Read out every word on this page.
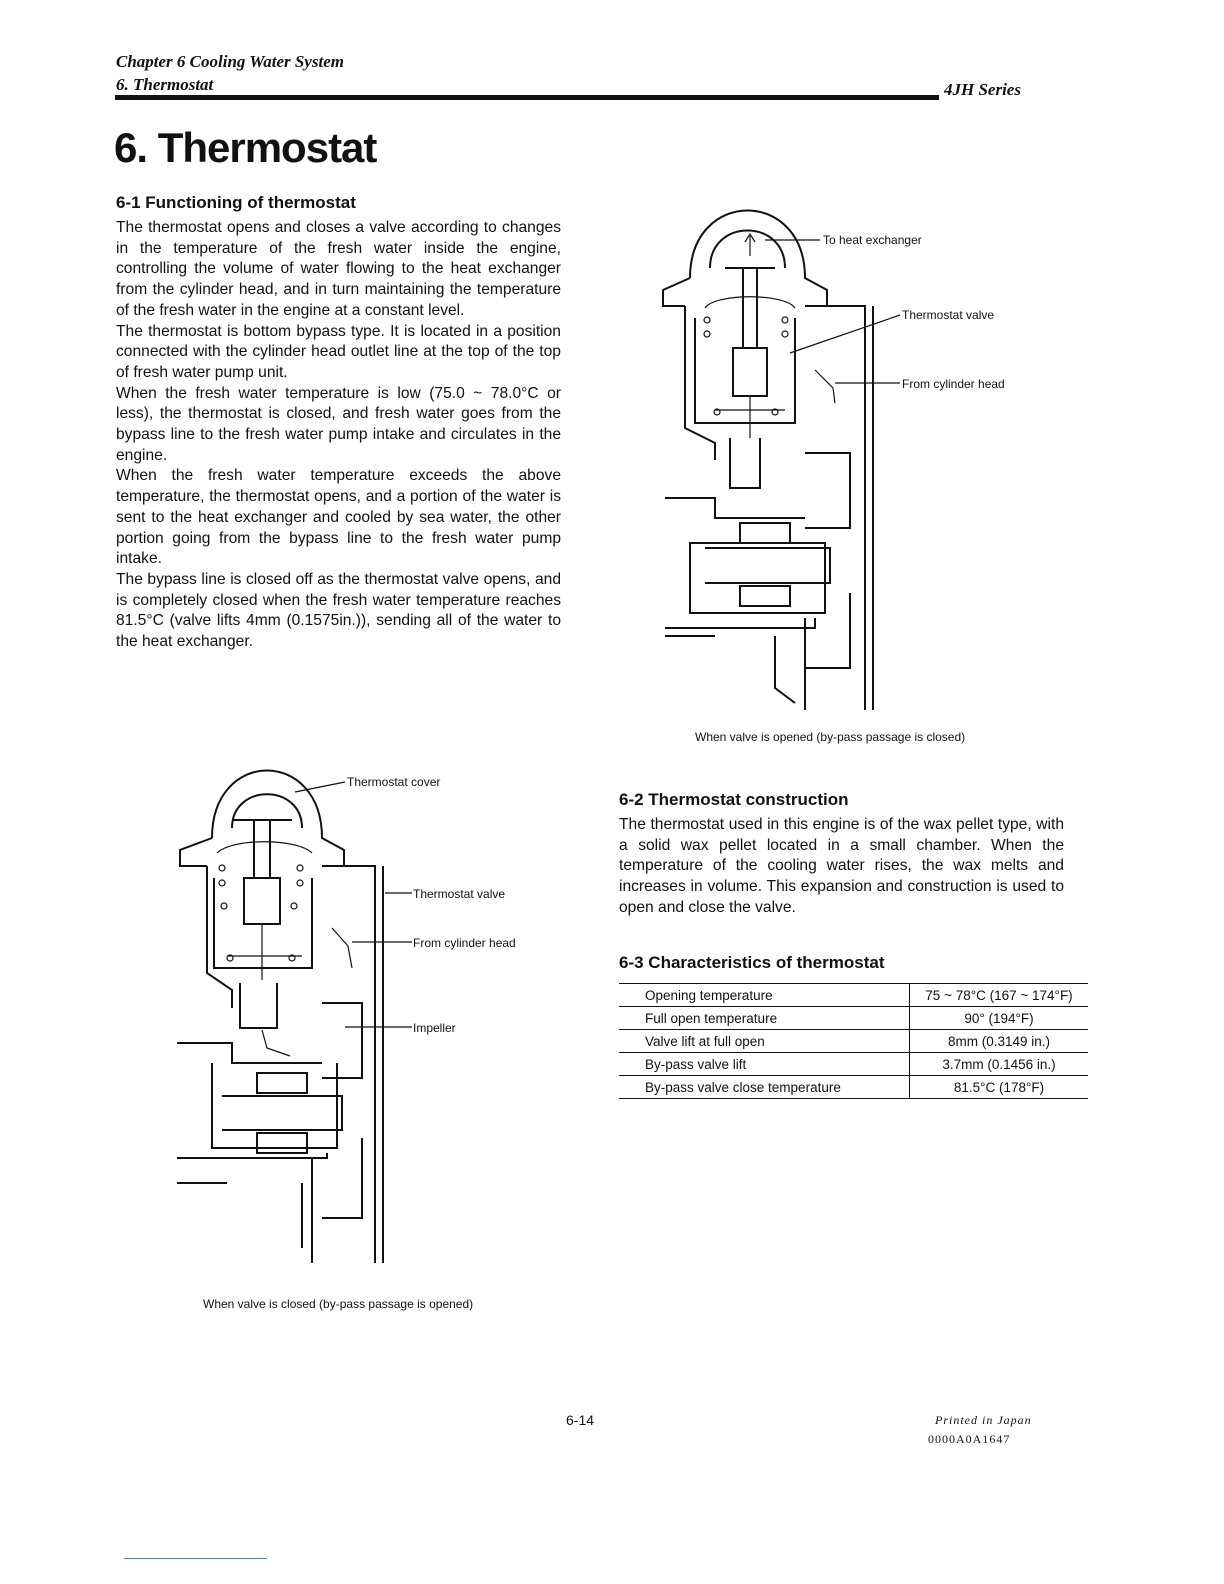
Chapter 6 Cooling Water System
6. Thermostat	4JH Series
6. Thermostat
6-1 Functioning of thermostat

The thermostat opens and closes a valve according to changes in the temperature of the fresh water inside the engine, controlling the volume of water flowing to the heat exchanger from the cylinder head, and in turn maintaining the temperature of the fresh water in the engine at a constant level.

The thermostat is bottom bypass type. It is located in a position connected with the cylinder head outlet line at the top of the top of fresh water pump unit.

When the fresh water temperature is low (75.0 ~ 78.0°C or less), the thermostat is closed, and fresh water goes from the bypass line to the fresh water pump intake and circulates in the engine.

When the fresh water temperature exceeds the above temperature, the thermostat opens, and a portion of the water is sent to the heat exchanger and cooled by sea water, the other portion going from the bypass line to the fresh water pump intake.

The bypass line is closed off as the thermostat valve opens, and is completely closed when the fresh water temperature reaches 81.5°C (valve lifts 4mm (0.1575in.)), sending all of the water to the heat exchanger.

To heat exchanger
Thermostat valve
From cylinder head
When valve is opened (by-pass passage is closed)
Thermostat cover
Thermostat valve
From cylinder head
Impeller
When valve is closed (by-pass passage is opened)
6-2 Thermostat construction
The thermostat used in this engine is of the wax pellet type, with a solid wax pellet located in a small chamber. When the temperature of the cooling water rises, the wax melts and increases in volume. This expansion and construction is used to open and close the valve.
6-3 Characteristics of thermostat
Opening temperature	75 ~ 78°C (167 ~ 174°F)
Full open temperature	90° (194°F)
Valve lift at full open	8mm (0.3149 in.)
By-pass valve lift	3.7mm (0.1456 in.)
By-pass valve close temperature	81.5°C (178°F)
6-14	Printed in Japan
0000A0A1647
